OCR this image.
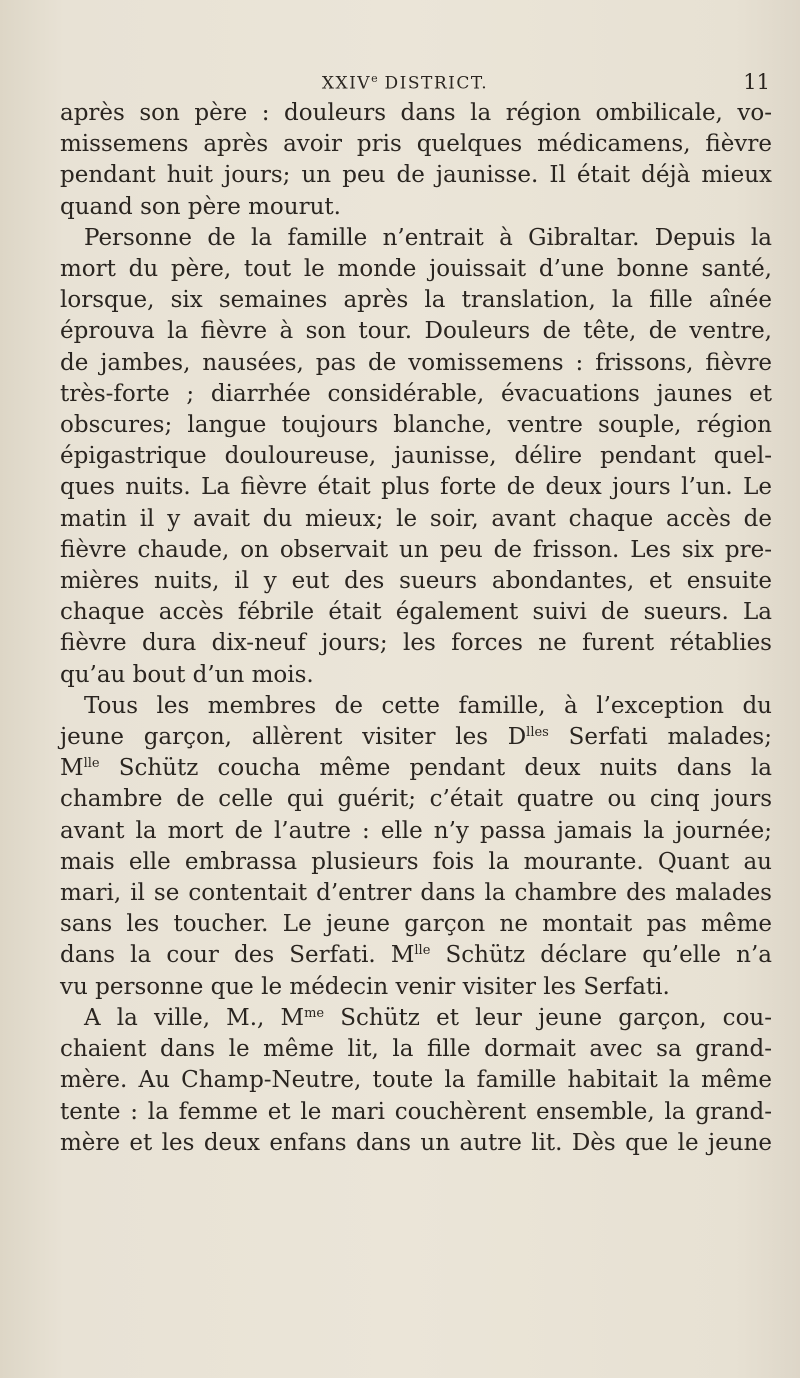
XXIVe DISTRICT.	11
après son père : douleurs dans la région ombilicale, vo-
missemens après avoir pris quelques médicamens, fièvre
pendant huit jours; un peu de jaunisse. Il était déjà mieux
quand son père mourut.
Personne de la famille n’entrait à Gibraltar. Depuis la
mort du père, tout le monde jouissait d’une bonne santé,
lorsque, six semaines après la translation, la fille aînée
éprouva la fièvre à son tour. Douleurs de tête, de ventre,
de jambes, nausées, pas de vomissemens : frissons, fièvre
très-forte ; diarrhée considérable, évacuations jaunes et
obscures; langue toujours blanche, ventre souple, région
épigastrique douloureuse, jaunisse, délire pendant quel-
ques nuits. La fièvre était plus forte de deux jours l’un. Le
matin il y avait du mieux; le soir, avant chaque accès de
fièvre chaude, on observait un peu de frisson. Les six pre-
mières nuits, il y eut des sueurs abondantes, et ensuite
chaque accès fébrile était également suivi de sueurs. La
fièvre dura dix-neuf jours; les forces ne furent rétablies
qu’au bout d’un mois.
Tous les membres de cette famille, à l’exception du
jeune garçon, allèrent visiter les $D^{lles}$ Serfati malades;
$M^{lle}$ Schütz coucha même pendant deux nuits dans la
chambre de celle qui guérit; c’était quatre ou cinq jours
avant la mort de l’autre : elle n’y passa jamais la journée;
mais elle embrassa plusieurs fois la mourante. Quant au
mari, il se contentait d’entrer dans la chambre des malades
sans les toucher. Le jeune garçon ne montait pas même
dans la cour des Serfati. $M^{lle}$ Schütz déclare qu’elle n’a
vu personne que le médecin venir visiter les Serfati.
A la ville, M., $M^{me}$ Schütz et leur jeune garçon, cou-
chaient dans le même lit, la fille dormait avec sa grand-
mère. Au Champ-Neutre, toute la famille habitait la même
tente : la femme et le mari couchèrent ensemble, la grand-
mère et les deux enfans dans un autre lit. Dès que le jeune
